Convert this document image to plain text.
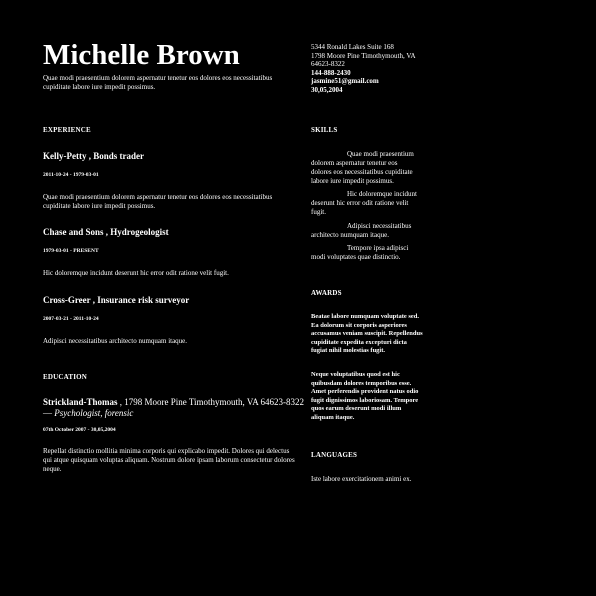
Michelle Brown

Quae modi praesentium dolorem aspernatur tenetur eos dolores eos necessitatibus cupiditate labore iure impedit possimus.

5344 Ronald Lakes Suite 168
1798 Moore Pine Timothymouth, VA
64623-8322
144-888-2430
jasmine51@gmail.com
30,05,2004
EXPERIENCE
Kelly-Petty , Bonds trader
2011-10-24 - 1979-03-01

Quae modi praesentium dolorem aspernatur tenetur eos dolores eos necessitatibus cupiditate labore iure impedit possimus.

Chase and Sons , Hydrogeologist
1979-03-01 - PRESENT

Hic doloremque incidunt deserunt hic error odit ratione velit fugit.

Cross-Greer , Insurance risk surveyor
2007-03-21 - 2011-10-24

Adipisci necessitatibus architecto numquam itaque.

EDUCATION
Strickland-Thomas , 1798 Moore Pine Timothymouth, VA 64623-8322
— Psychologist, forensic
07th October 2007 - 30,05,2004

Repellat distinctio mollitia minima corporis qui explicabo impedit. Dolores qui delectus qui atque quisquam voluptas aliquam. Nostrum dolore ipsam laborum consectetur dolores neque.

SKILLS

Quae modi praesentium dolorem aspernatur tenetur eos dolores eos necessitatibus cupiditate labore iure impedit possimus.

Hic doloremque incidunt deserunt hic error odit ratione velit fugit.

Adipisci necessitatibus architecto numquam itaque.

Tempore ipsa adipisci modi voluptates quae distinctio.

AWARDS

Beatae labore numquam voluptate sed. Ea dolorum sit corporis asperiores accusamus veniam suscipit. Repellendus cupiditate expedita excepturi dicta fugiat nihil molestias fugit.

Neque voluptatibus quod est hic quibusdam dolores temporibus esse. Amet perferendis provident natus odio fugit dignissimos laboriosam. Tempore quos earum deserunt modi illum aliquam itaque.

LANGUAGES

Iste labore exercitationem animi ex.
